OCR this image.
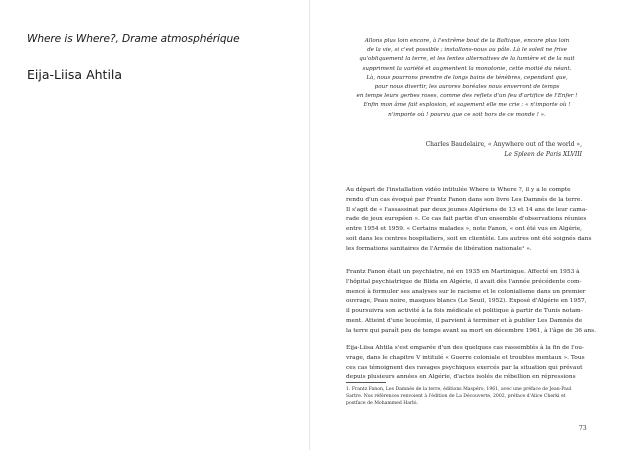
Where is Where?, Drame atmosphérique
Eija-Liisa Ahtila
Allons plus loin encore, à l'extrême bout de la Baltique, encore plus loin
de la vie, si c'est possible ; installons-nous au pôle. Là le soleil ne frise
qu'obliquement la terre, et les lentes alternatives de la lumière et de la nuit
suppriment la variété et augmentent la monotonie, cette moitié du néant.
Là, nous pourrons prendre de longs bains de ténèbres, cependant que,
pour nous divertir, les aurores boréales nous enverront de temps
en temps leurs gerbes roses, comme des reflets d'un feu d'artifice de l'Enfer !
Enfin mon âme fait explosion, et sagement elle me crie : « n'importe où !
n'importe où ! pourvu que ce soit hors de ce monde ! ».
Charles Baudelaire, « Anywhere out of the world »,
Le Spleen de Paris XLVIII
Au départ de l'installation vidéo intitulée Where is Where ?, il y a le compte
rendu d'un cas évoqué par Frantz Fanon dans son livre Les Damnés de la terre.
Il s'agit de « l'assassinat par deux jeunes Algériens de 13 et 14 ans de leur cama-
rade de jeux européen ». Ce cas fait partie d'un ensemble d'observations réunies
entre 1954 et 1959. « Certains malades », note Fanon, « ont été vus en Algérie,
soit dans les centres hospitaliers, soit en clientèle. Les autres ont été soignés dans
les formations sanitaires de l'Armée de libération nationale¹ ».
Frantz Fanon était un psychiatre, né en 1935 en Martinique. Affecté en 1953 à
l'hôpital psychiatrique de Blida en Algérie, il avait dès l'année précédente com-
mencé à formuler ses analyses sur le racisme et le colonialisme dans un premier
ouvrage, Peau noire, masques blancs (Le Seuil, 1952). Exposé d'Algérie en 1957,
il poursuivra son activité à la fois médicale et politique à partir de Tunis notam-
ment. Atteint d'une leucémie, il parvient à terminer et à publier Les Damnés de
la terre qui paraît peu de temps avant sa mort en décembre 1961, à l'âge de 36 ans.
Eija-Liisa Ahtila s'est emparée d'un des quelques cas rassemblés à la fin de l'ou-
vrage, dans le chapitre V intitulé « Guerre coloniale et troubles mentaux ». Tous
ces cas témoignent des ravages psychiques exercés par la situation qui prévaut
depuis plusieurs années en Algérie, d'actes isolés de rébellion en répressions
1. Frantz Fanon, Les Damnés de la terre, éditions Maspéro, 1961, avec une préface de Jean-Paul
Sartre. Nos références renvoient à l'édition de La Découverte, 2002, préface d'Alice Cherki et
postface de Mohammed Harbi.
73
